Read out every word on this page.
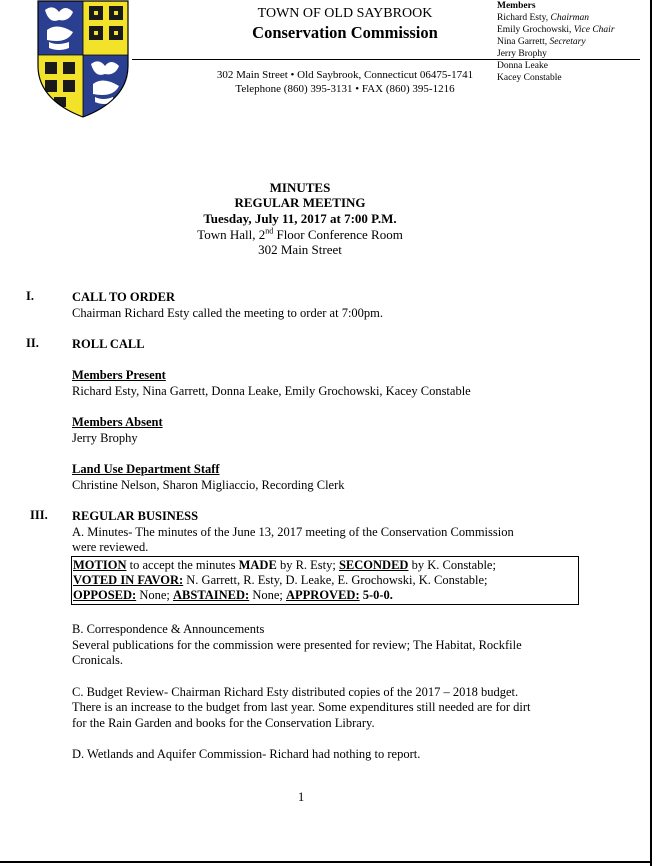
TOWN OF OLD SAYBROOK
Conservation Commission
302 Main Street • Old Saybrook, Connecticut 06475-1741
Telephone (860) 395-3131 • FAX (860) 395-1216
Members
Richard Esty, Chairman
Emily Grochowski, Vice Chair
Nina Garrett, Secretary
Jerry Brophy
Donna Leake
Kacey Constable
MINUTES
REGULAR MEETING
Tuesday, July 11, 2017 at 7:00 P.M.
Town Hall, 2nd Floor Conference Room
302 Main Street
I.	CALL TO ORDER
Chairman Richard Esty called the meeting to order at 7:00pm.
II.	ROLL CALL
Members Present
Richard Esty, Nina Garrett, Donna Leake, Emily Grochowski, Kacey Constable
Members Absent
Jerry Brophy
Land Use Department Staff
Christine Nelson, Sharon Migliaccio, Recording Clerk
III. REGULAR BUSINESS
A. Minutes- The minutes of the June 13, 2017 meeting of the Conservation Commission
were reviewed.
MOTION to accept the minutes MADE by R. Esty; SECONDED by K. Constable;
VOTED IN FAVOR: N. Garrett, R. Esty, D. Leake, E. Grochowski, K. Constable;
OPPOSED: None; ABSTAINED: None; APPROVED: 5-0-0.
B. Correspondence & Announcements
Several publications for the commission were presented for review; The Habitat, Rockfile
Cronicals.
C. Budget Review- Chairman Richard Esty distributed copies of the 2017 – 2018 budget.
There is an increase to the budget from last year. Some expenditures still needed are for dirt
for the Rain Garden and books for the Conservation Library.
D. Wetlands and Aquifer Commission- Richard had nothing to report.
1
